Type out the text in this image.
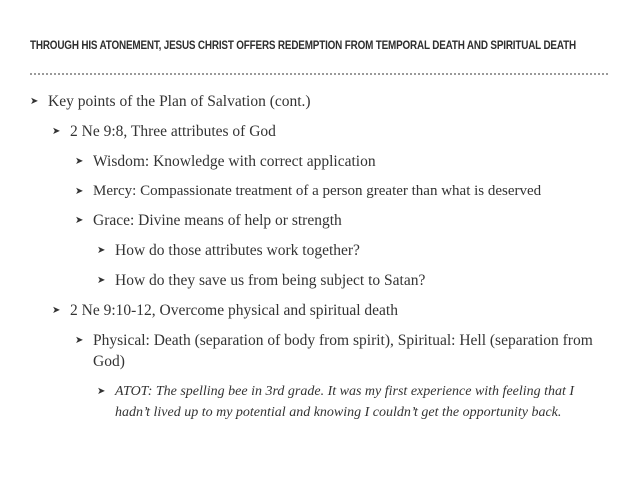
THROUGH HIS ATONEMENT, JESUS CHRIST OFFERS REDEMPTION FROM TEMPORAL DEATH AND SPIRITUAL DEATH
➤ Key points of the Plan of Salvation (cont.)
➤ 2 Ne 9:8, Three attributes of God
➤ Wisdom: Knowledge with correct application
➤ Mercy: Compassionate treatment of a person greater than what is deserved
➤ Grace: Divine means of help or strength
➤ How do those attributes work together?
➤ How do they save us from being subject to Satan?
➤ 2 Ne 9:10-12, Overcome physical and spiritual death
➤ Physical: Death (separation of body from spirit), Spiritual: Hell (separation from God)
➤ ATOT: The spelling bee in 3rd grade. It was my first experience with feeling that I hadn’t lived up to my potential and knowing I couldn’t get the opportunity back.
